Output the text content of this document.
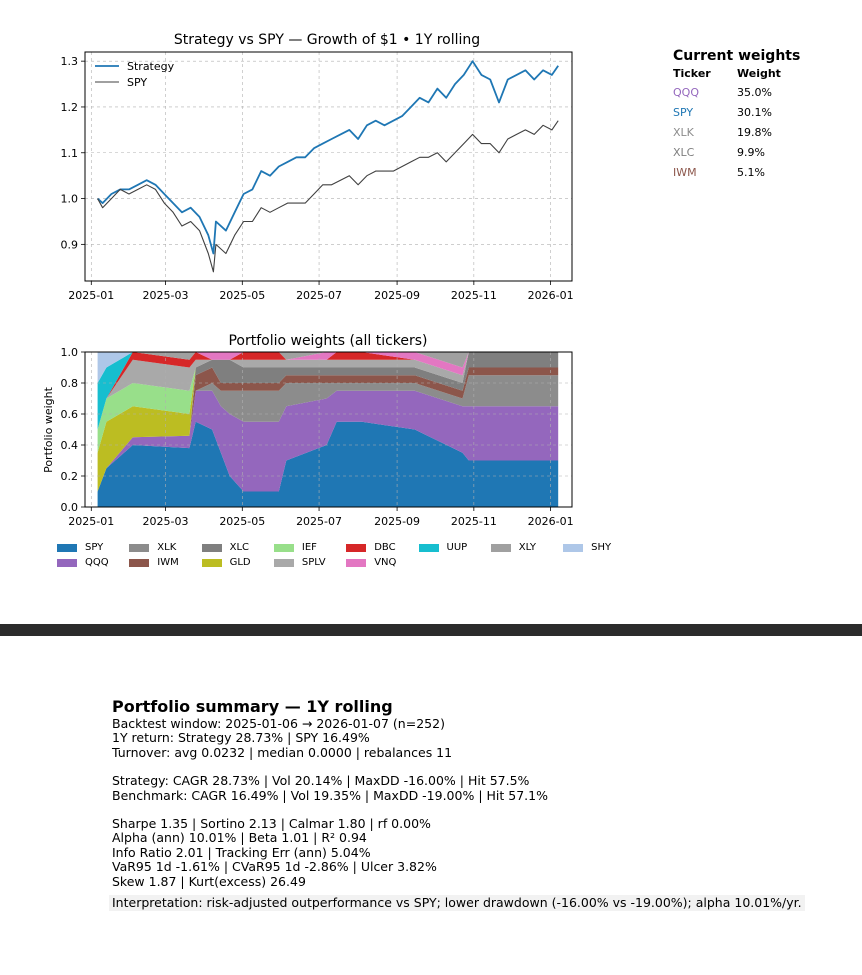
Strategy vs SPY — Growth of $1 • 1Y rolling
2025-01	2025-03	2025-05	2025-07	2025-09	2025-11	2026-01
0.9
1.0
1.1
1.2
1.3	Strategy
SPY
Portfolio weights (all tickers)
2025-01	2025-03	2025-05	2025-07	2025-09	2025-11	2026-01
0.0
0.2
0.4
0.6
0.8
1.0
Portfolio weight
Current weights
Ticker	Weight
QQQ	35.0%
SPY	30.1%
XLK	19.8%
XLC	9.9%
IWM	5.1%
SPY	XLK	XLC	IEF	DBC	UUP	XLY	SHY
QQQ	IWM	GLD	SPLV	VNQ
Portfolio summary — 1Y rolling
Backtest window: 2025-01-06 → 2026-01-07 (n=252)
1Y return: Strategy 28.73% | SPY 16.49%
Turnover: avg 0.0232 | median 0.0000 | rebalances 11
Strategy: CAGR 28.73% | Vol 20.14% | MaxDD -16.00% | Hit 57.5%
Benchmark: CAGR 16.49% | Vol 19.35% | MaxDD -19.00% | Hit 57.1%
Sharpe 1.35 | Sortino 2.13 | Calmar 1.80 | rf 0.00%
Alpha (ann) 10.01% | Beta 1.01 | R² 0.94
Info Ratio 2.01 | Tracking Err (ann) 5.04%
VaR95 1d -1.61% | CVaR95 1d -2.86% | Ulcer 3.82%
Skew 1.87 | Kurt(excess) 26.49
Interpretation: risk-adjusted outperformance vs SPY; lower drawdown (-16.00% vs -19.00%); alpha 10.01%/yr.
